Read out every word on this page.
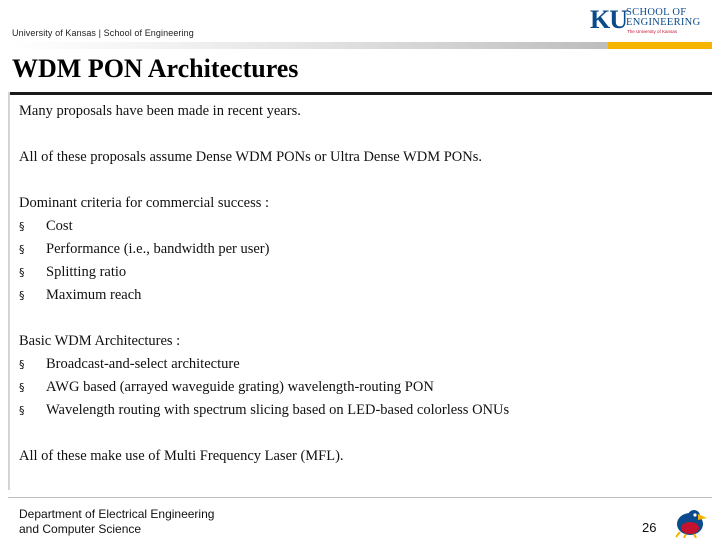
University of Kansas | School of Engineering	KU SCHOOL OF
ENGINEERING
The University of Kansas
WDM PON Architectures

Many proposals have been made in recent years.

All of these proposals assume Dense WDM PONs or Ultra Dense WDM PONs.

Dominant criteria for commercial success :

§	Cost
§	Performance (i.e., bandwidth per user)
§	Splitting ratio
§	Maximum reach

Basic WDM Architectures :

§	Broadcast-and-select architecture
§	AWG based (arrayed waveguide grating) wavelength-routing PON
§	Wavelength routing with spectrum slicing based on LED-based colorless ONUs

All of these make use of Multi Frequency Laser (MFL).

Department of Electrical Engineering
and Computer Science	26
